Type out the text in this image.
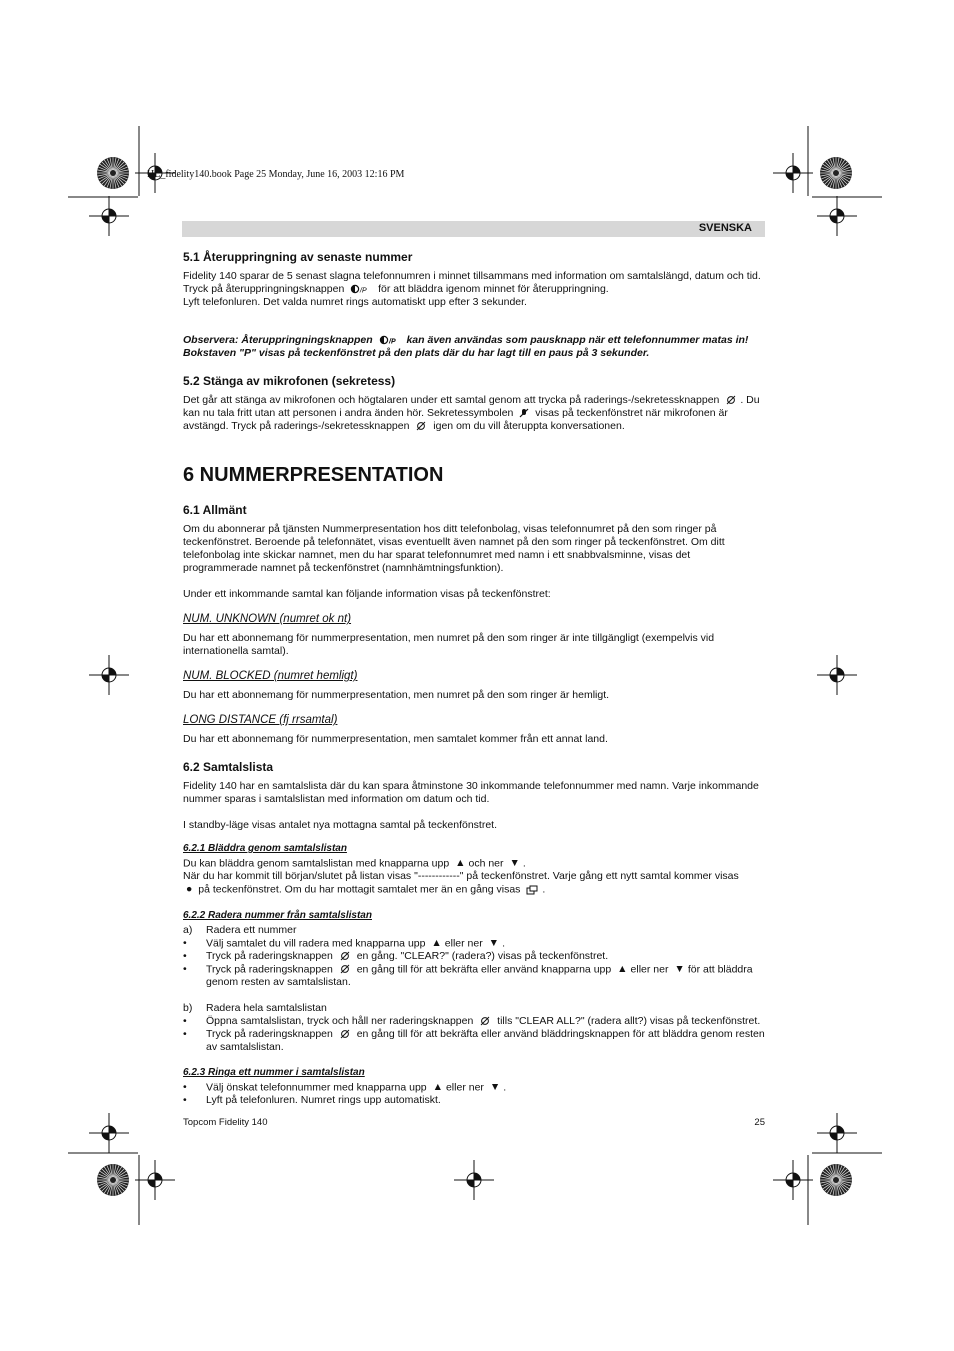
HL_fidelity140.book Page 25 Monday, June 16, 2003 12:16 PM
SVENSKA
5.1 Återuppringning av senaste nummer

Fidelity 140 sparar de 5 senast slagna telefonnumren i minnet tillsammans med information om samtalslängd, datum och tid.

Tryck på återuppringningsknappen /P för att bläddra igenom minnet för återuppringning.

Lyft telefonluren. Det valda numret rings automatiskt upp efter 3 sekunder.

Observera: Återuppringningsknappen /P kan även användas som pausknapp när ett telefonnummer matas in! Bokstaven "P" visas på teckenfönstret på den plats där du har lagt till en paus på 3 sekunder.

5.2 Stänga av mikrofonen (sekretess)

Det går att stänga av mikrofonen och högtalaren under ett samtal genom att trycka på raderings-/sekretessknappen . Du kan nu tala fritt utan att personen i andra änden hör. Sekretessymbolen visas på teckenfönstret när mikrofonen är avstängd. Tryck på raderings-/sekretessknappen igen om du vill återuppta konversationen.

6 NUMMERPRESENTATION
6.1 Allmänt

Om du abonnerar på tjänsten Nummerpresentation hos ditt telefonbolag, visas telefonnumret på den som ringer på teckenfönstret. Beroende på telefonnätet, visas eventuellt även namnet på den som ringer på teckenfönstret. Om ditt telefonbolag inte skickar namnet, men du har sparat telefonnumret med namn i ett snabbvalsminne, visas det programmerade namnet på teckenfönstret (namnhämtningsfunktion).

Under ett inkommande samtal kan följande information visas på teckenfönstret:

NUM. UNKNOWN (numret ok nt)

Du har ett abonnemang för nummerpresentation, men numret på den som ringer är inte tillgängligt (exempelvis vid internationella samtal).

NUM. BLOCKED (numret hemligt)

Du har ett abonnemang för nummerpresentation, men numret på den som ringer är hemligt.

LONG DISTANCE (fj rrsamtal)

Du har ett abonnemang för nummerpresentation, men samtalet kommer från ett annat land.

6.2 Samtalslista

Fidelity 140 har en samtalslista där du kan spara åtminstone 30 inkommande telefonnummer med namn. Varje inkommande nummer sparas i samtalslistan med information om datum och tid.

I standby-läge visas antalet nya mottagna samtal på teckenfönstret.

6.2.1 Bläddra genom samtalslistan

Du kan bläddra genom samtalslistan med knapparna upp ▲ och ner ▼ .

När du har kommit till början/slutet på listan visas "------------" på teckenfönstret. Varje gång ett nytt samtal kommer visas

● på teckenfönstret. Om du har mottagit samtalet mer än en gång visas .

6.2.2 Radera nummer från samtalslistan

a) Radera ett nummer

• Välj samtalet du vill radera med knapparna upp ▲ eller ner ▼ .

• Tryck på raderingsknappen en gång. "CLEAR?" (radera?) visas på teckenfönstret.

• Tryck på raderingsknappen en gång till för att bekräfta eller använd knapparna upp ▲ eller ner ▼ för att bläddra genom resten av samtalslistan.

b) Radera hela samtalslistan

• Öppna samtalslistan, tryck och håll ner raderingsknappen tills "CLEAR ALL?" (radera allt?) visas på teckenfönstret.

• Tryck på raderingsknappen en gång till för att bekräfta eller använd bläddringsknappen för att bläddra genom resten av samtalslistan.

6.2.3 Ringa ett nummer i samtalslistan

• Välj önskat telefonnummer med knapparna upp ▲ eller ner ▼ .

• Lyft på telefonluren. Numret rings upp automatiskt.

Topcom Fidelity 140	25
